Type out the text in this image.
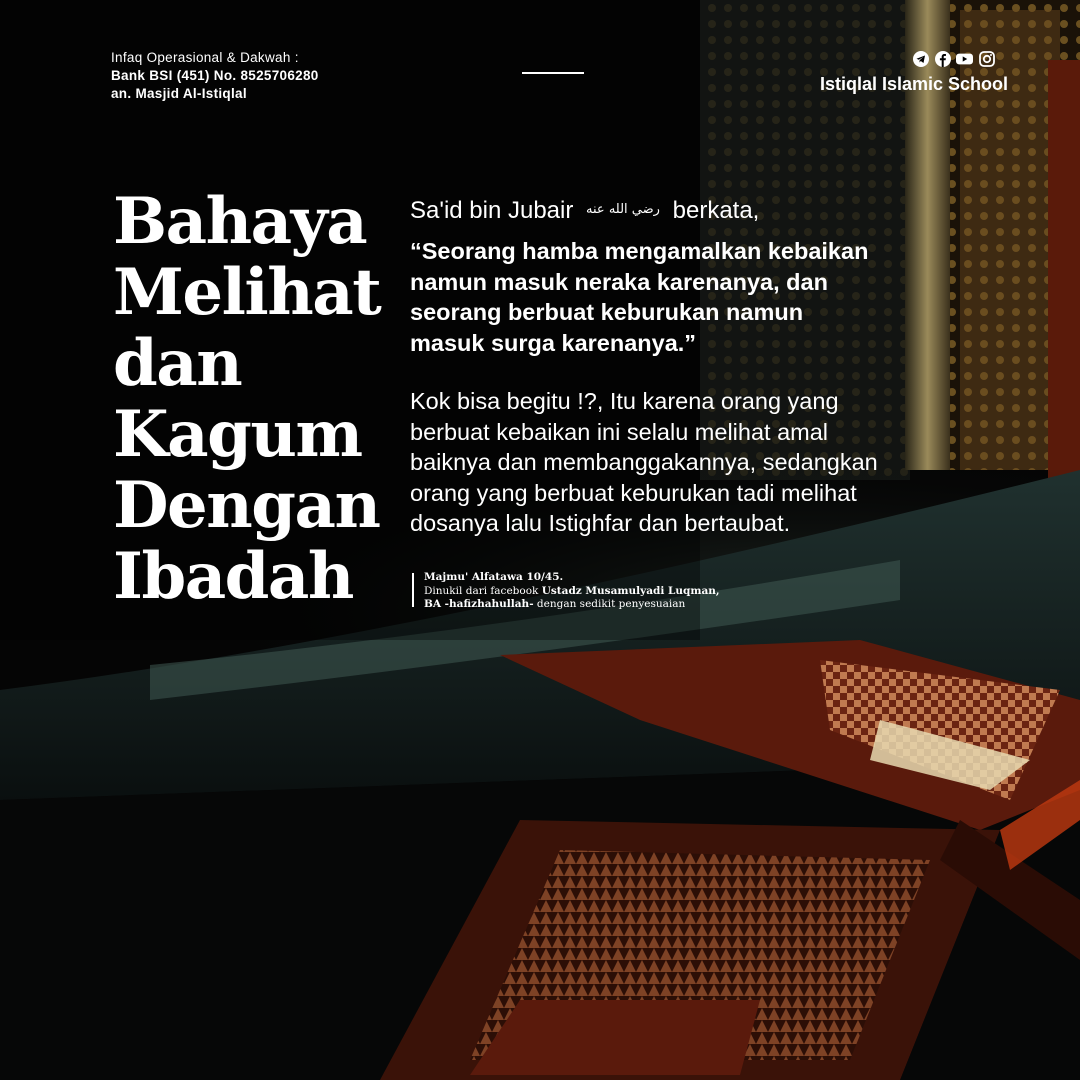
Infaq Operasional & Dakwah :
Bank BSI (451) No. 8525706280
an. Masjid Al-Istiqlal	Istiqlal Islamic School
Bahaya
Melihat
dan
Kagum
Dengan
Ibadah
Sa'id bin Jubair $^{رضي الله عنه}$ berkata,
“Seorang hamba mengamalkan kebaikan
namun masuk neraka karenanya, dan
seorang berbuat keburukan namun
masuk surga karenanya.”
Kok bisa begitu !?, Itu karena orang yang
berbuat kebaikan ini selalu melihat amal
baiknya dan membanggakannya, sedangkan
orang yang berbuat keburukan tadi melihat
dosanya lalu Istighfar dan bertaubat.
Majmu' Alfatawa 10/45.
Dinukil dari facebook Ustadz Musamulyadi Luqman,
BA -hafizhahullah- dengan sedikit penyesuaian
